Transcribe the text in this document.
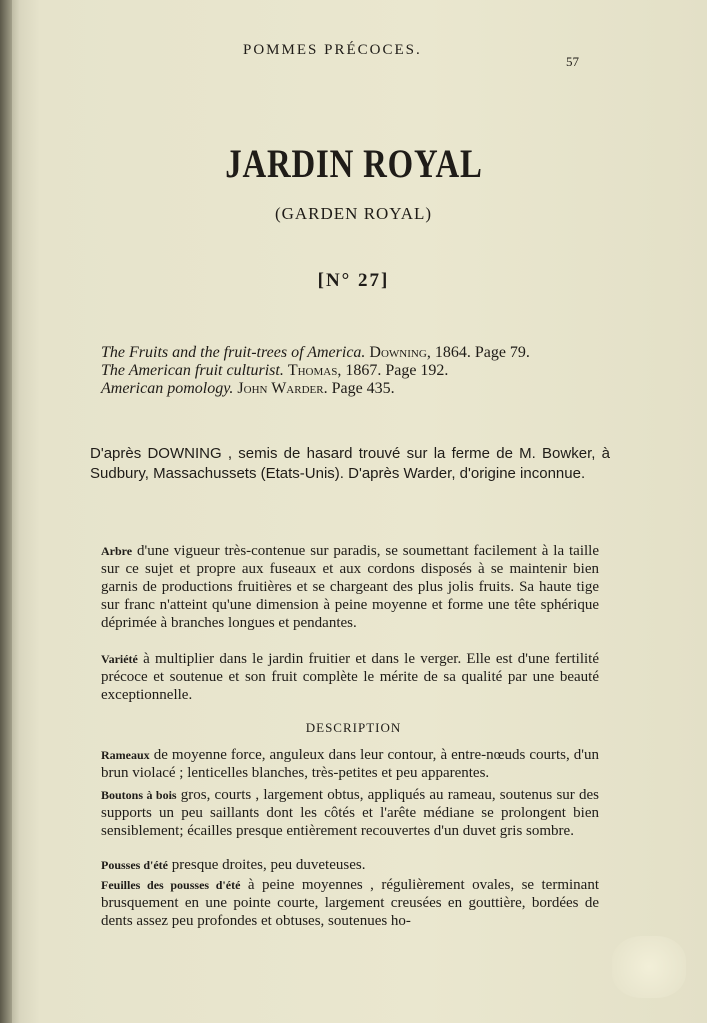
POMMES PRÉCOCES.
57
JARDIN ROYAL
(GARDEN ROYAL)
[N° 27]
The Fruits and the fruit-trees of America. Downing, 1864. Page 79.
The American fruit culturist. Thomas, 1867. Page 192.
American pomology. John Warder. Page 435.
D'après DOWNING , semis de hasard trouvé sur la ferme de M. Bowker, à Sudbury, Massachussets (Etats-Unis). D'après Warder, d'origine inconnue.
Arbre d'une vigueur très-contenue sur paradis, se soumettant facilement à la taille sur ce sujet et propre aux fuseaux et aux cordons disposés à se maintenir bien garnis de productions fruitières et se chargeant des plus jolis fruits. Sa haute tige sur franc n'atteint qu'une dimension à peine moyenne et forme une tête sphérique déprimée à branches longues et pendantes.
Variété à multiplier dans le jardin fruitier et dans le verger. Elle est d'une fertilité précoce et soutenue et son fruit complète le mérite de sa qualité par une beauté exceptionnelle.
DESCRIPTION
Rameaux de moyenne force, anguleux dans leur contour, à entre-nœuds courts, d'un brun violacé ; lenticelles blanches, très-petites et peu apparentes.
Boutons à bois gros, courts , largement obtus, appliqués au rameau, soutenus sur des supports un peu saillants dont les côtés et l'arête médiane se prolongent bien sensiblement; écailles presque entièrement recouvertes d'un duvet gris sombre.
Pousses d'été presque droites, peu duveteuses.
Feuilles des pousses d'été à peine moyennes , régulièrement ovales, se terminant brusquement en une pointe courte, largement creusées en gouttière, bordées de dents assez peu profondes et obtuses, soutenues ho-
